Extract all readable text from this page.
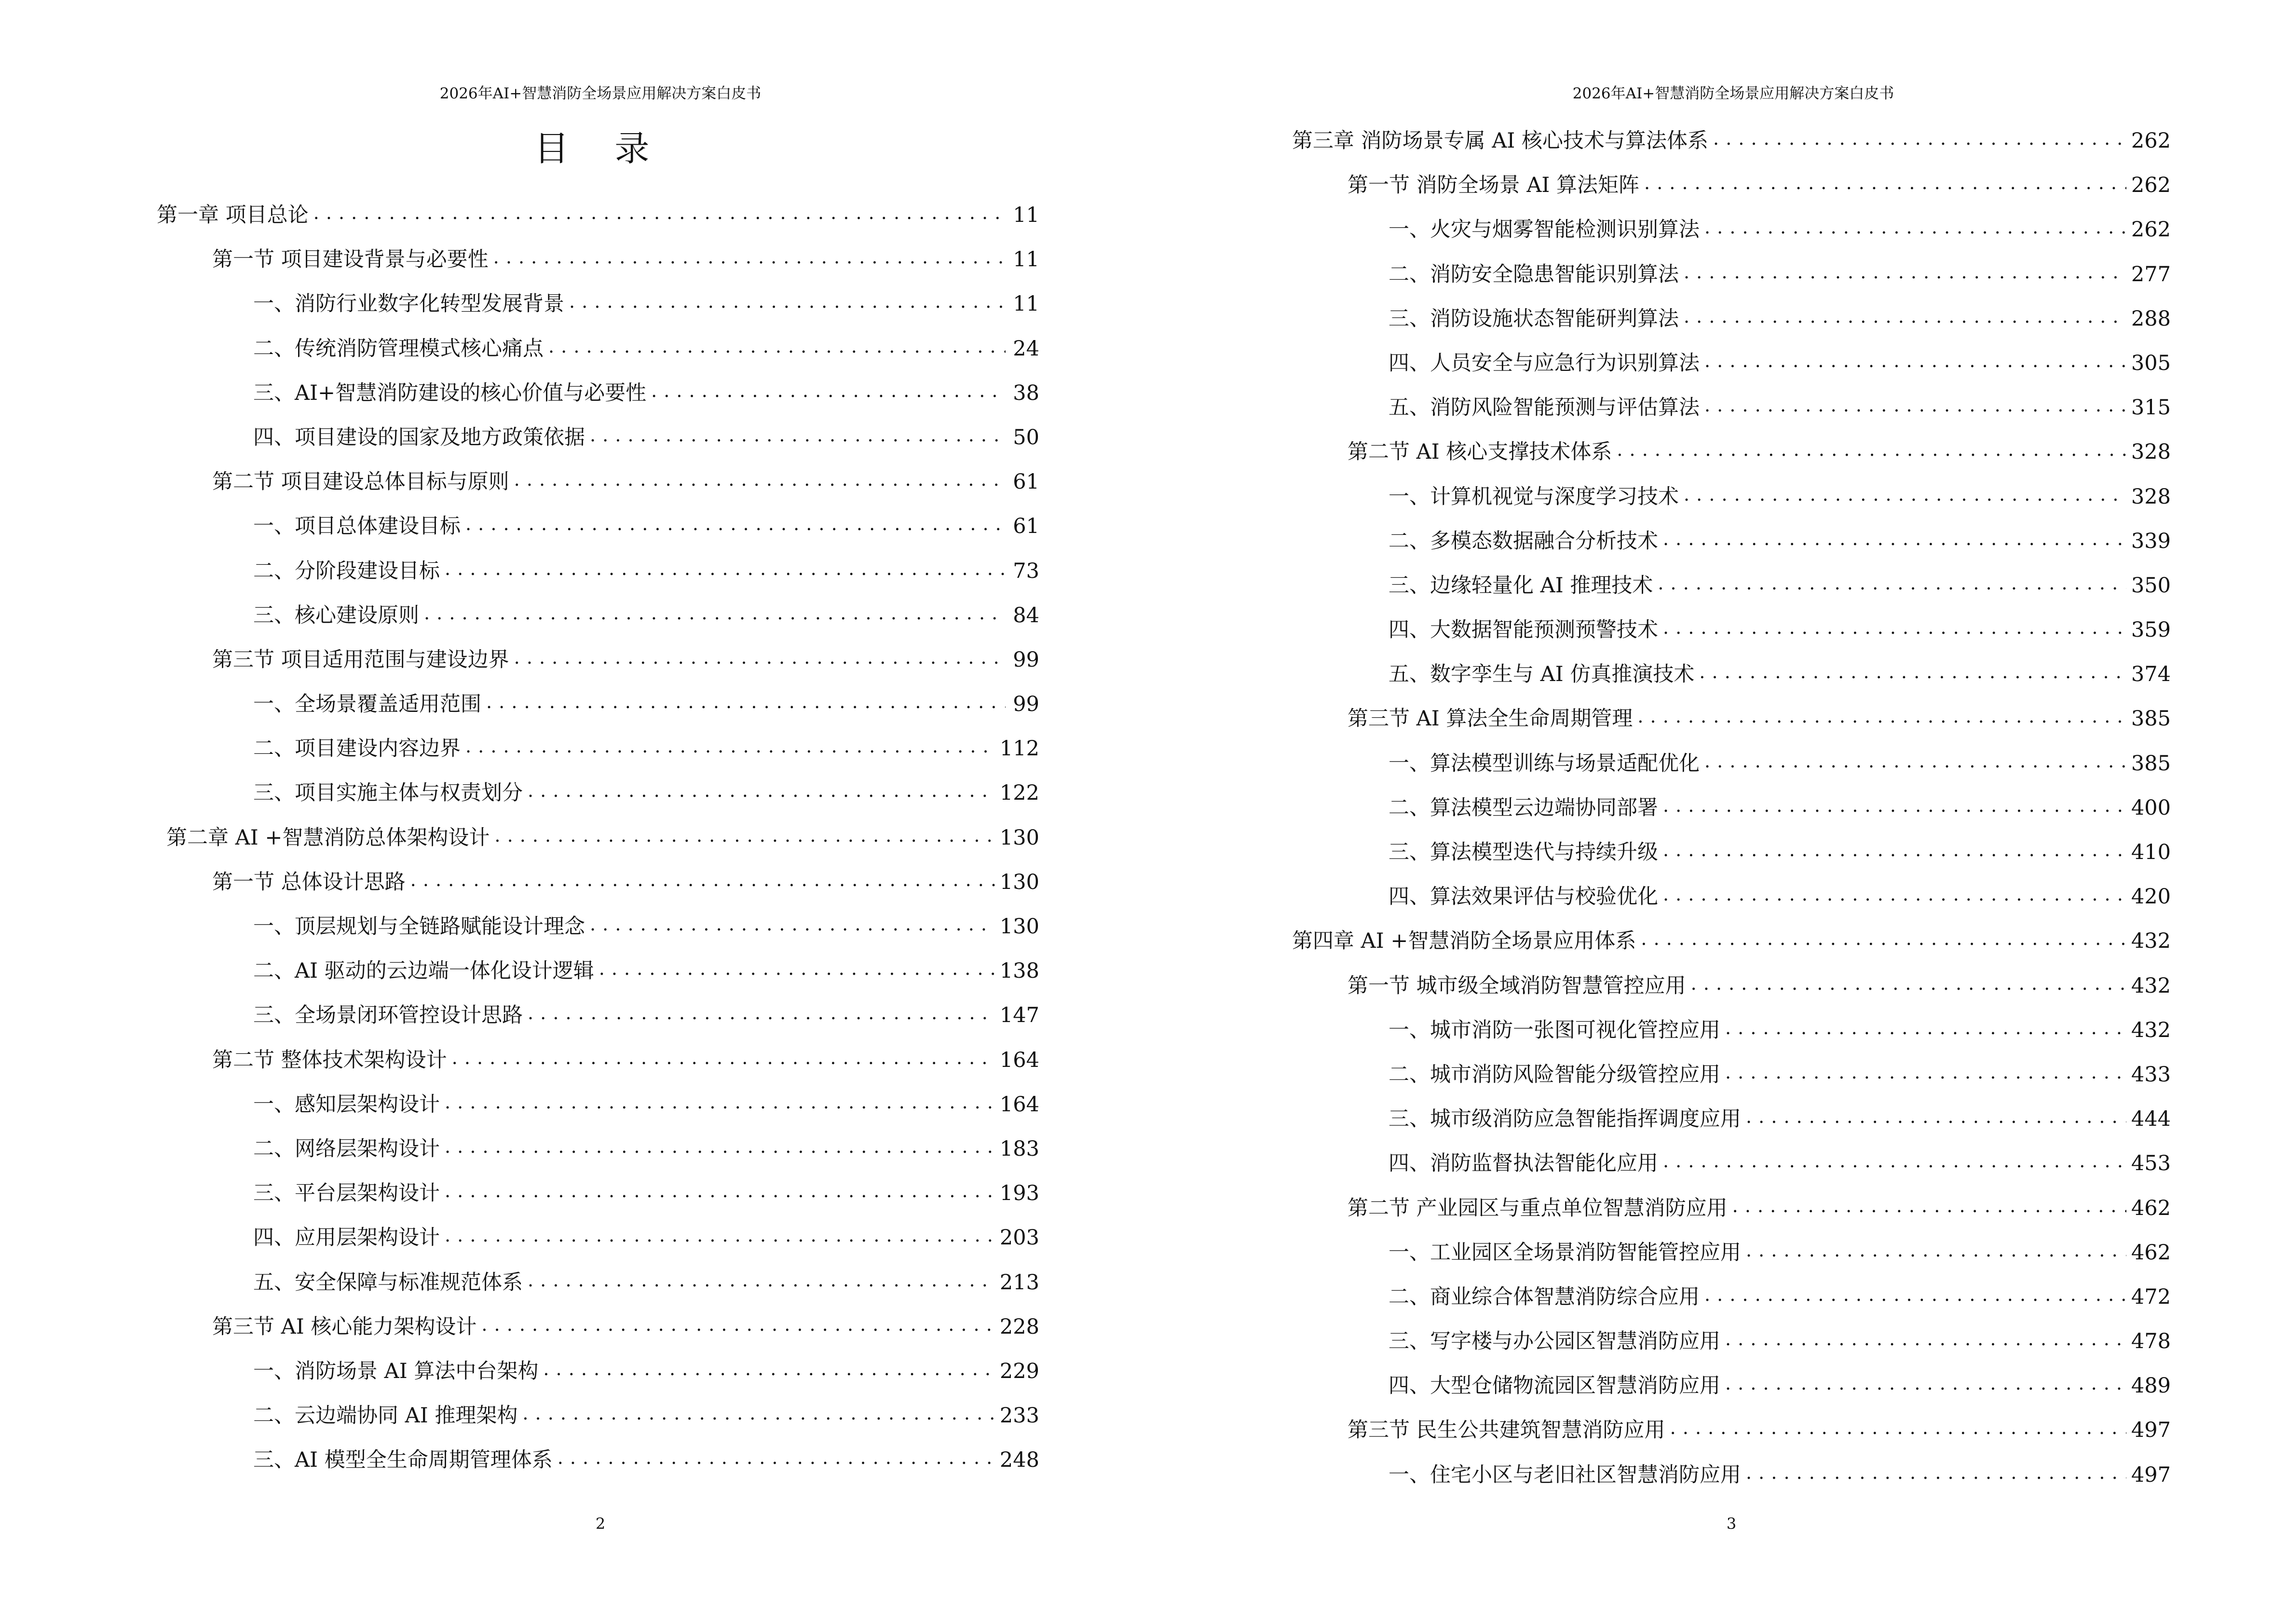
2026年AI+智慧消防全场景应用解决方案白皮书
目 录
第一章 项目总论 . . .	11
第一节 项目建设背景与必要性 . . .	11
一、消防行业数字化转型发展背景 . . .	11
二、传统消防管理模式核心痛点 . . .	24
三、AI+智慧消防建设的核心价值与必要性 . . .	38
四、项目建设的国家及地方政策依据 . . .	50
第二节 项目建设总体目标与原则 . . .	61
一、项目总体建设目标 . . .	61
二、分阶段建设目标 . . .	73
三、核心建设原则 . . .	84
第三节 项目适用范围与建设边界 . . .	99
一、全场景覆盖适用范围 . . .	99
二、项目建设内容边界 . . .	112
三、项目实施主体与权责划分 . . .	122
第二章 AI +智慧消防总体架构设计 . . .	130
第一节 总体设计思路 . . .	130
一、顶层规划与全链路赋能设计理念 . . .	130
二、AI 驱动的云边端一体化设计逻辑 . . .	138
三、全场景闭环管控设计思路 . . .	147
第二节 整体技术架构设计 . . .	164
一、感知层架构设计 . . .	164
二、网络层架构设计 . . .	183
三、平台层架构设计 . . .	193
四、应用层架构设计 . . .	203
五、安全保障与标准规范体系 . . .	213
第三节 AI 核心能力架构设计 . . .	228
一、消防场景 AI 算法中台架构 . . .	229
二、云边端协同 AI 推理架构 . . .	233
三、AI 模型全生命周期管理体系 . . .	248
2
2026年AI+智慧消防全场景应用解决方案白皮书
第三章 消防场景专属 AI 核心技术与算法体系 . . .	262
第一节 消防全场景 AI 算法矩阵 . . .	262
一、火灾与烟雾智能检测识别算法 . . .	262
二、消防安全隐患智能识别算法 . . .	277
三、消防设施状态智能研判算法 . . .	288
四、人员安全与应急行为识别算法 . . .	305
五、消防风险智能预测与评估算法 . . .	315
第二节 AI 核心支撑技术体系 . . .	328
一、计算机视觉与深度学习技术 . . .	328
二、多模态数据融合分析技术 . . .	339
三、边缘轻量化 AI 推理技术 . . .	350
四、大数据智能预测预警技术 . . .	359
五、数字孪生与 AI 仿真推演技术 . . .	374
第三节 AI 算法全生命周期管理 . . .	385
一、算法模型训练与场景适配优化 . . .	385
二、算法模型云边端协同部署 . . .	400
三、算法模型迭代与持续升级 . . .	410
四、算法效果评估与校验优化 . . .	420
第四章 AI +智慧消防全场景应用体系 . . .	432
第一节 城市级全域消防智慧管控应用 . . .	432
一、城市消防一张图可视化管控应用 . . .	432
二、城市消防风险智能分级管控应用 . . .	433
三、城市级消防应急智能指挥调度应用 . . .	444
四、消防监督执法智能化应用 . . .	453
第二节 产业园区与重点单位智慧消防应用 . . .	462
一、工业园区全场景消防智能管控应用 . . .	462
二、商业综合体智慧消防综合应用 . . .	472
三、写字楼与办公园区智慧消防应用 . . .	478
四、大型仓储物流园区智慧消防应用 . . .	489
第三节 民生公共建筑智慧消防应用 . . .	497
一、住宅小区与老旧社区智慧消防应用 . . .	497
3
